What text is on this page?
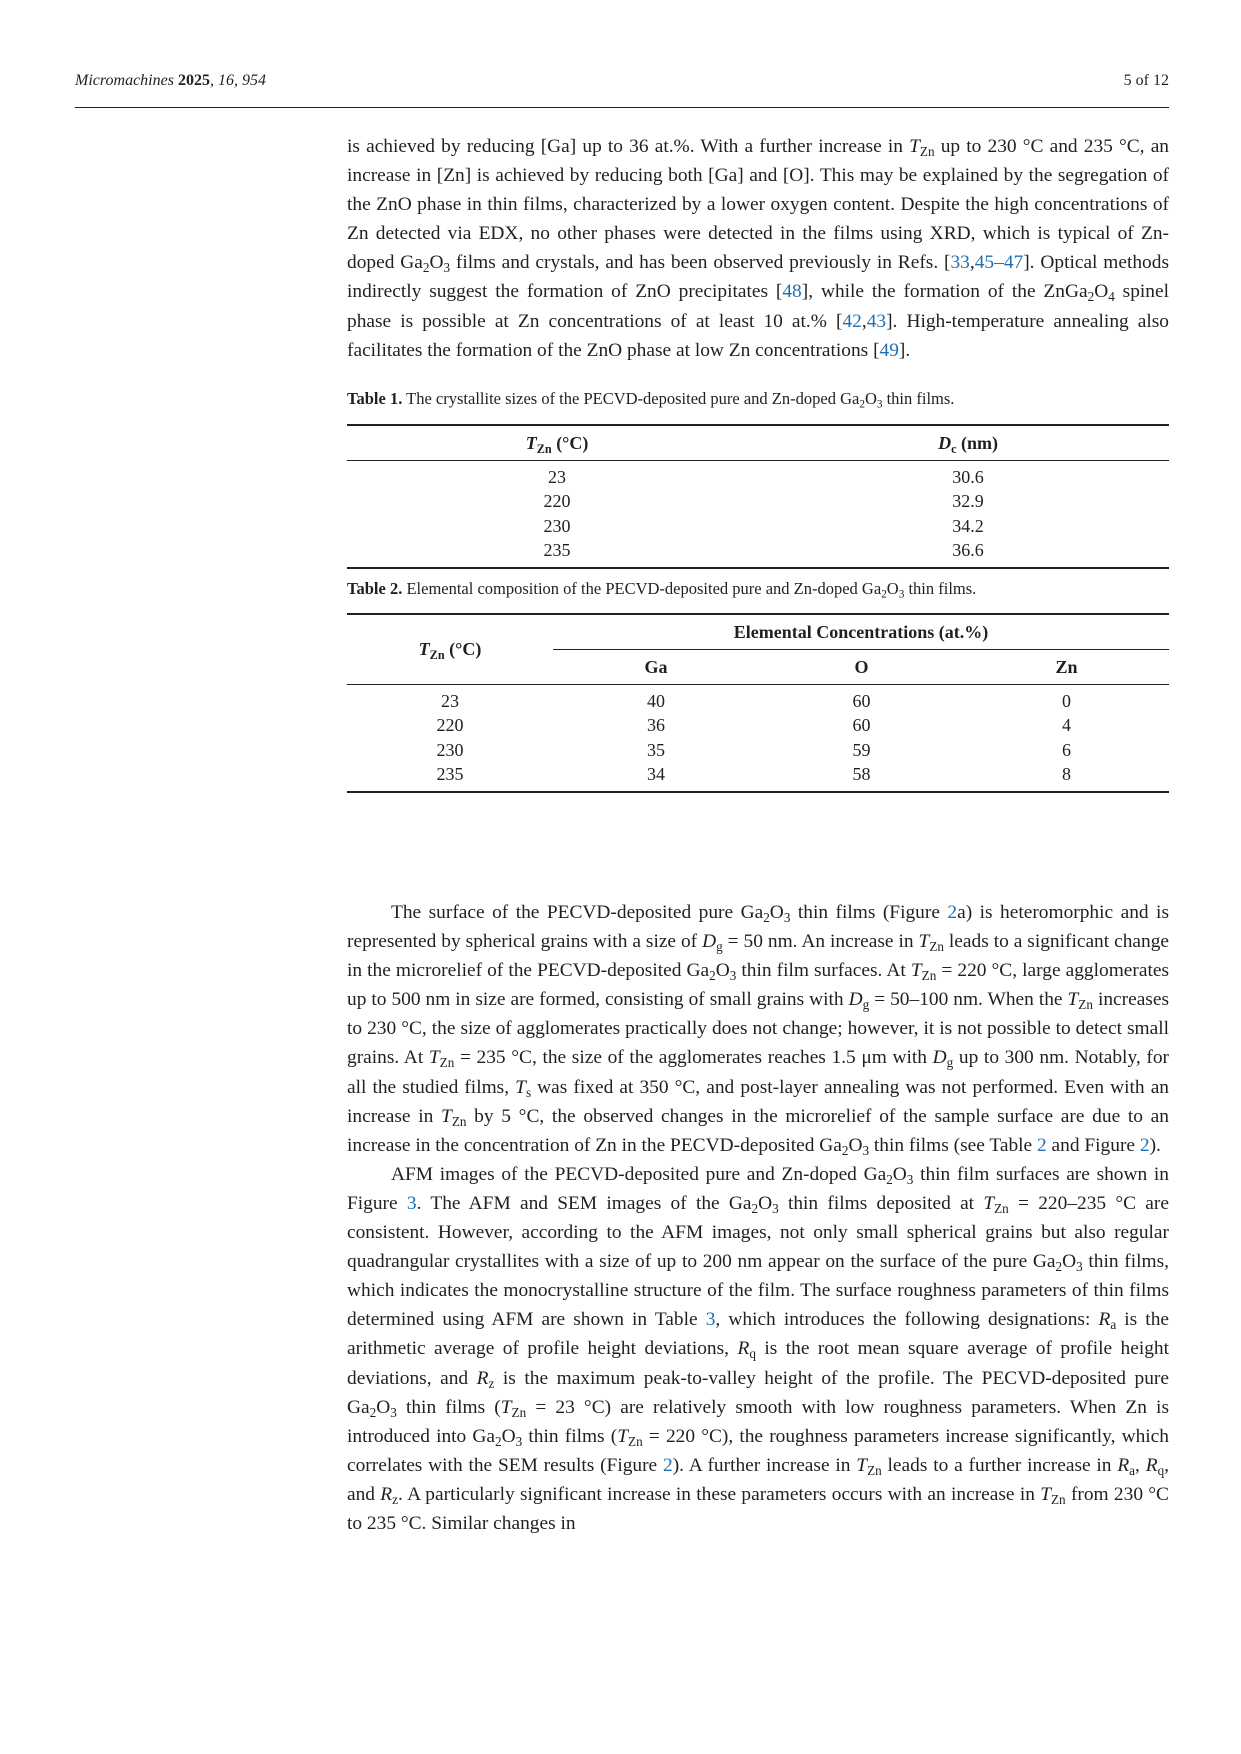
Micromachines 2025, 16, 954	5 of 12

is achieved by reducing [Ga] up to 36 at.%. With a further increase in $T_{Zn}$ up to 230 °C and 235 °C, an increase in [Zn] is achieved by reducing both [Ga] and [O]. This may be explained by the segregation of the ZnO phase in thin films, characterized by a lower oxygen content. Despite the high concentrations of Zn detected via EDX, no other phases were detected in the films using XRD, which is typical of Zn-doped $Ga_2O_3$ films and crystals, and has been observed previously in Refs. [33,45–47]. Optical methods indirectly suggest the formation of ZnO precipitates [48], while the formation of the $ZnGa_2O_4$ spinel phase is possible at Zn concentrations of at least 10 at.% [42,43]. High-temperature annealing also facilitates the formation of the ZnO phase at low Zn concentrations [49].

Table 1. The crystallite sizes of the PECVD-deposited pure and Zn-doped $Ga_2O_3$ thin films.

$T_{Zn}$ (°C)	$D_c$ (nm)
23	30.6
220	32.9
230	34.2
235	36.6

Table 2. Elemental composition of the PECVD-deposited pure and Zn-doped $Ga_2O_3$ thin films.

$T_{Zn}$ (°C)	Elemental Concentrations (at.%)		
	Ga	O	Zn
23	40	60	0
220	36	60	4
230	35	59	6
235	34	58	8

The surface of the PECVD-deposited pure $Ga_2O_3$ thin films (Figure 2a) is heteromorphic and is represented by spherical grains with a size of $D_g = 50$ nm. An increase in $T_{Zn}$ leads to a significant change in the microrelief of the PECVD-deposited $Ga_2O_3$ thin film surfaces. At $T_{Zn} = 220$ °C, large agglomerates up to 500 nm in size are formed, consisting of small grains with $D_g = 50-100$ nm. When the $T_{Zn}$ increases to 230 °C, the size of agglomerates practically does not change; however, it is not possible to detect small grains. At $T_{Zn} = 235$ °C, the size of the agglomerates reaches 1.5 μm with $D_g$ up to 300 nm. Notably, for all the studied films, $T_s$ was fixed at 350 °C, and post-layer annealing was not performed. Even with an increase in $T_{Zn}$ by 5 °C, the observed changes in the microrelief of the sample surface are due to an increase in the concentration of Zn in the PECVD-deposited $Ga_2O_3$ thin films (see Table 2 and Figure 2).

AFM images of the PECVD-deposited pure and Zn-doped $Ga_2O_3$ thin film surfaces are shown in Figure 3. The AFM and SEM images of the $Ga_2O_3$ thin films deposited at $T_{Zn} = 220-235$ °C are consistent. However, according to the AFM images, not only small spherical grains but also regular quadrangular crystallites with a size of up to 200 nm appear on the surface of the pure $Ga_2O_3$ thin films, which indicates the monocrystalline structure of the film. The surface roughness parameters of thin films determined using AFM are shown in Table 3, which introduces the following designations: $R_a$ is the arithmetic average of profile height deviations, $R_q$ is the root mean square average of profile height deviations, and $R_z$ is the maximum peak-to-valley height of the profile. The PECVD-deposited pure $Ga_2O_3$ thin films ($T_{Zn} = 23$ °C) are relatively smooth with low roughness parameters. When Zn is introduced into $Ga_2O_3$ thin films ($T_{Zn} = 220$ °C), the roughness parameters increase significantly, which correlates with the SEM results (Figure 2). A further increase in $T_{Zn}$ leads to a further increase in $R_a$, $R_q$, and $R_z$. A particularly significant increase in these parameters occurs with an increase in $T_{Zn}$ from 230 °C to 235 °C. Similar changes in
